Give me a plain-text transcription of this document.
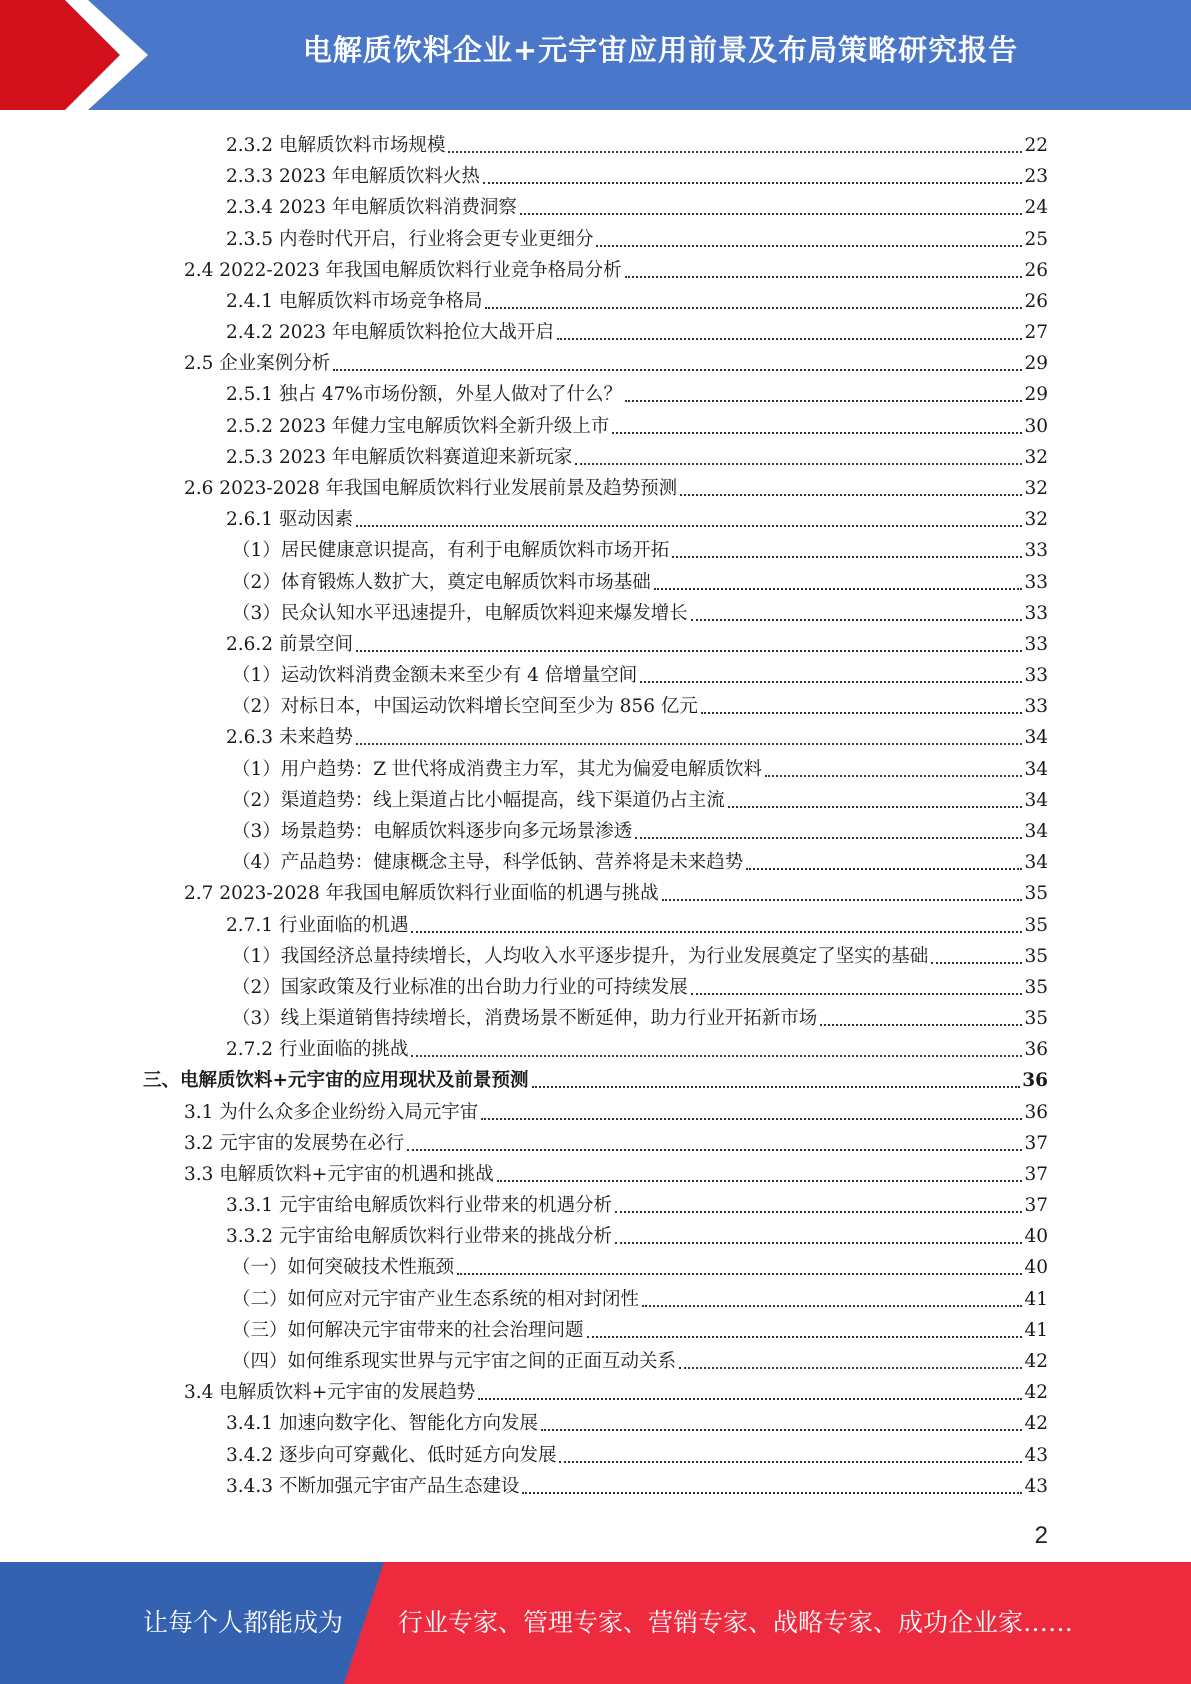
电解质饮料企业+元宇宙应用前景及布局策略研究报告
2.3.2 电解质饮料市场规模	22
2.3.3 2023 年电解质饮料火热	23
2.3.4 2023 年电解质饮料消费洞察	24
2.3.5 内卷时代开启，行业将会更专业更细分	25
2.4 2022-2023 年我国电解质饮料行业竞争格局分析	26
2.4.1 电解质饮料市场竞争格局	26
2.4.2 2023 年电解质饮料抢位大战开启	27
2.5 企业案例分析	29
2.5.1 独占 47%市场份额，外星人做对了什么？	29
2.5.2 2023 年健力宝电解质饮料全新升级上市	30
2.5.3 2023 年电解质饮料赛道迎来新玩家	32
2.6 2023-2028 年我国电解质饮料行业发展前景及趋势预测	32
2.6.1 驱动因素	32
（1）居民健康意识提高，有利于电解质饮料市场开拓	33
（2）体育锻炼人数扩大，奠定电解质饮料市场基础	33
（3）民众认知水平迅速提升，电解质饮料迎来爆发增长	33
2.6.2 前景空间	33
（1）运动饮料消费金额未来至少有 4 倍增量空间	33
（2）对标日本，中国运动饮料增长空间至少为 856 亿元	33
2.6.3 未来趋势	34
（1）用户趋势：Z 世代将成消费主力军，其尤为偏爱电解质饮料	34
（2）渠道趋势：线上渠道占比小幅提高，线下渠道仍占主流	34
（3）场景趋势：电解质饮料逐步向多元场景渗透	34
（4）产品趋势：健康概念主导，科学低钠、营养将是未来趋势	34
2.7 2023-2028 年我国电解质饮料行业面临的机遇与挑战	35
2.7.1 行业面临的机遇	35
（1）我国经济总量持续增长，人均收入水平逐步提升，为行业发展奠定了坚实的基础	35
（2）国家政策及行业标准的出台助力行业的可持续发展	35
（3）线上渠道销售持续增长，消费场景不断延伸，助力行业开拓新市场	35
2.7.2 行业面临的挑战	36
三、电解质饮料+元宇宙的应用现状及前景预测	36
3.1 为什么众多企业纷纷入局元宇宙	36
3.2 元宇宙的发展势在必行	37
3.3 电解质饮料+元宇宙的机遇和挑战	37
3.3.1 元宇宙给电解质饮料行业带来的机遇分析	37
3.3.2 元宇宙给电解质饮料行业带来的挑战分析	40
（一）如何突破技术性瓶颈	40
（二）如何应对元宇宙产业生态系统的相对封闭性	41
（三）如何解决元宇宙带来的社会治理问题	41
（四）如何维系现实世界与元宇宙之间的正面互动关系	42
3.4 电解质饮料+元宇宙的发展趋势	42
3.4.1 加速向数字化、智能化方向发展	42
3.4.2 逐步向可穿戴化、低时延方向发展	43
3.4.3 不断加强元宇宙产品生态建设	43
2
让每个人都能成为 行业专家、管理专家、营销专家、战略专家、成功企业家……
